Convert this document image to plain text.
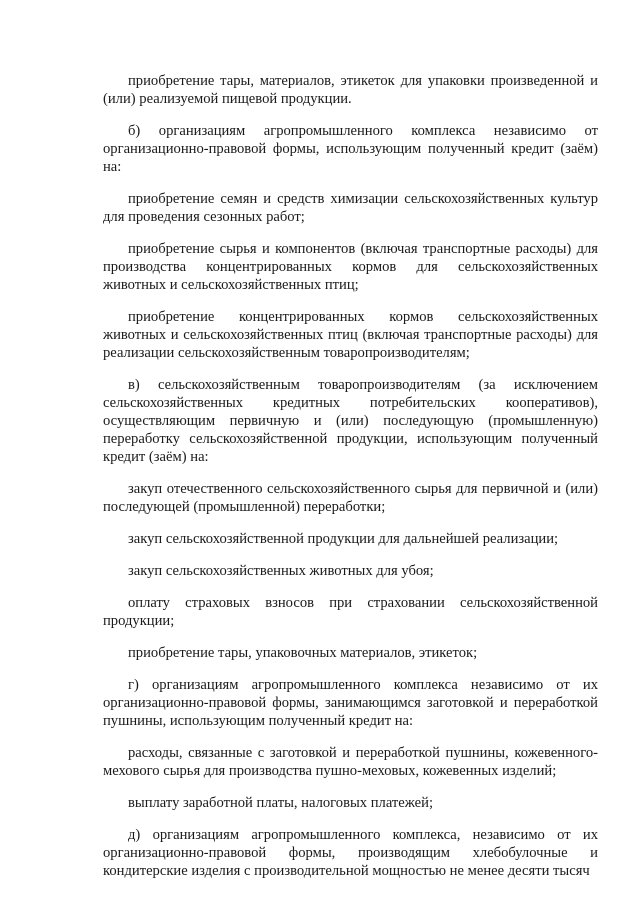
приобретение тары, материалов, этикеток для упаковки произведенной и (или) реализуемой пищевой продукции.

б) организациям агропромышленного комплекса независимо от организационно-правовой формы, использующим полученный кредит (заём) на:

приобретение семян и средств химизации сельскохозяйственных культур для проведения сезонных работ;

приобретение сырья и компонентов (включая транспортные расходы) для производства концентрированных кормов для сельскохозяйственных животных и сельскохозяйственных птиц;

приобретение концентрированных кормов сельскохозяйственных животных и сельскохозяйственных птиц (включая транспортные расходы) для реализации сельскохозяйственным товаропроизводителям;

в) сельскохозяйственным товаропроизводителям (за исключением сельскохозяйственных кредитных потребительских кооперативов), осуществляющим первичную и (или) последующую (промышленную) переработку сельскохозяйственной продукции, использующим полученный кредит (заём) на:

закуп отечественного сельскохозяйственного сырья для первичной и (или) последующей (промышленной) переработки;

закуп сельскохозяйственной продукции для дальнейшей реализации;

закуп сельскохозяйственных животных для убоя;

оплату страховых взносов при страховании сельскохозяйственной продукции;

приобретение тары, упаковочных материалов, этикеток;

г) организациям агропромышленного комплекса независимо от их организационно-правовой формы, занимающимся заготовкой и переработкой пушнины, использующим полученный кредит на:

расходы, связанные с заготовкой и переработкой пушнины, кожевенного-мехового сырья для производства пушно-меховых, кожевенных изделий;

выплату заработной платы, налоговых платежей;

д) организациям агропромышленного комплекса, независимо от их организационно-правовой формы, производящим хлебобулочные и кондитерские изделия с производительной мощностью не менее десяти тысяч
